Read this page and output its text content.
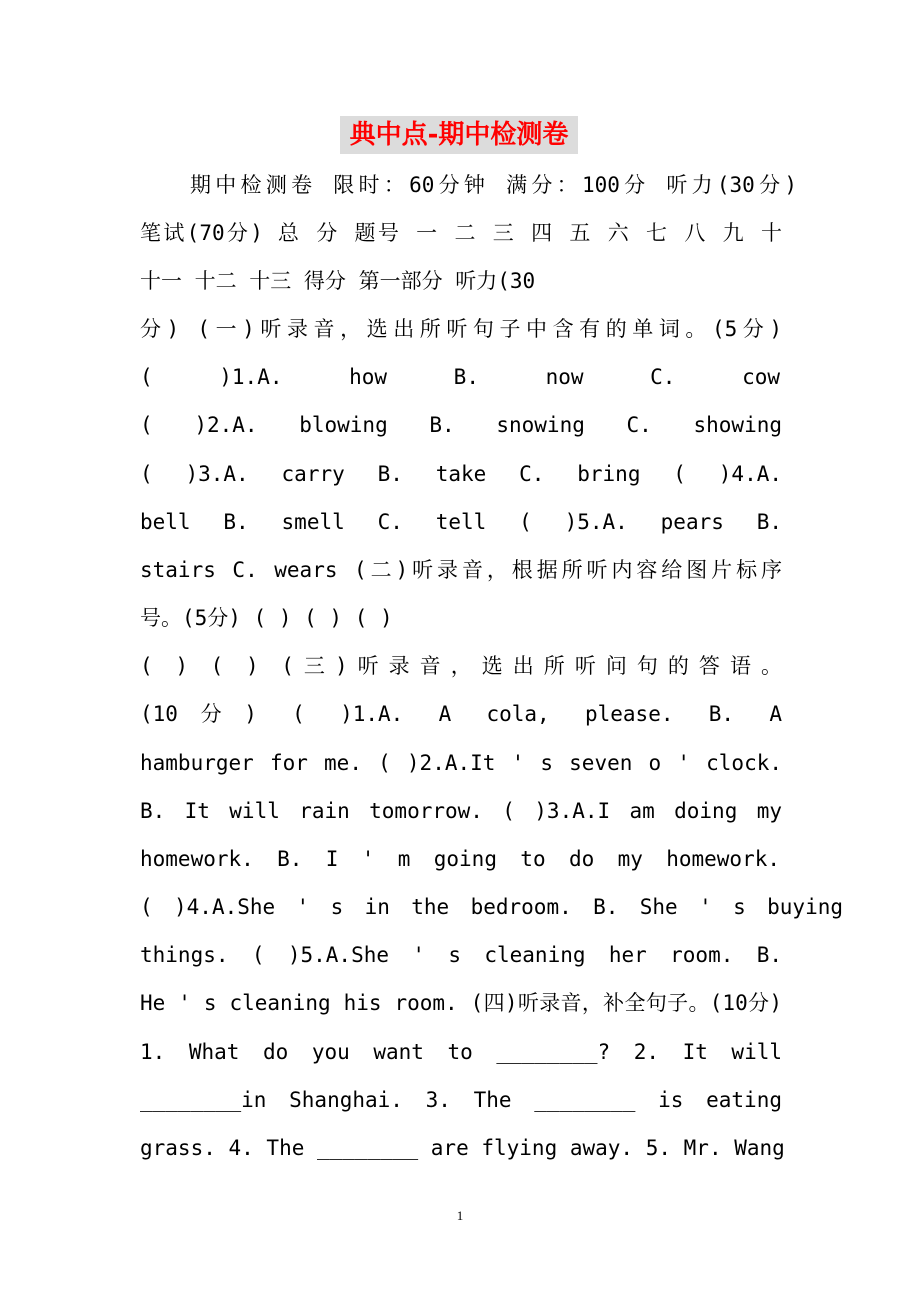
典中点-期中检测卷
期中检测卷 限时：60分钟 满分：100分 听力(30分)
笔试(70分) 总 分 题号 一 二 三 四 五 六 七 八 九 十
十一 十二 十三 得分 第一部分 听力(30
分) (一)听录音，选出所听句子中含有的单词。(5分)
( )1.A. how B. now C. cow
( )2.A. blowing B. snowing C. showing
( )3.A. carry B. take C. bring ( )4.A.
bell B. smell C. tell ( )5.A. pears B.
stairs C. wears (二)听录音，根据所听内容给图片标序
号。(5分) ( ) ( ) ( )
( ) ( ) (三)听录音，选出所听问句的答语。
(10分) ( )1.A. A cola, please. B. A
hamburger for me. ( )2.A.It ' s seven o ' clock.
B. It will rain tomorrow. ( )3.A.I am doing my
homework. B. I ' m going to do my homework.
( )4.A.She ' s in the bedroom. B. She ' s buying
things. ( )5.A.She ' s cleaning her room. B.
He ' s cleaning his room. (四)听录音，补全句子。(10分)
1. What do you want to ________? 2. It will
________in Shanghai. 3. The ________ is eating
grass. 4. The ________ are flying away. 5. Mr. Wang
1
